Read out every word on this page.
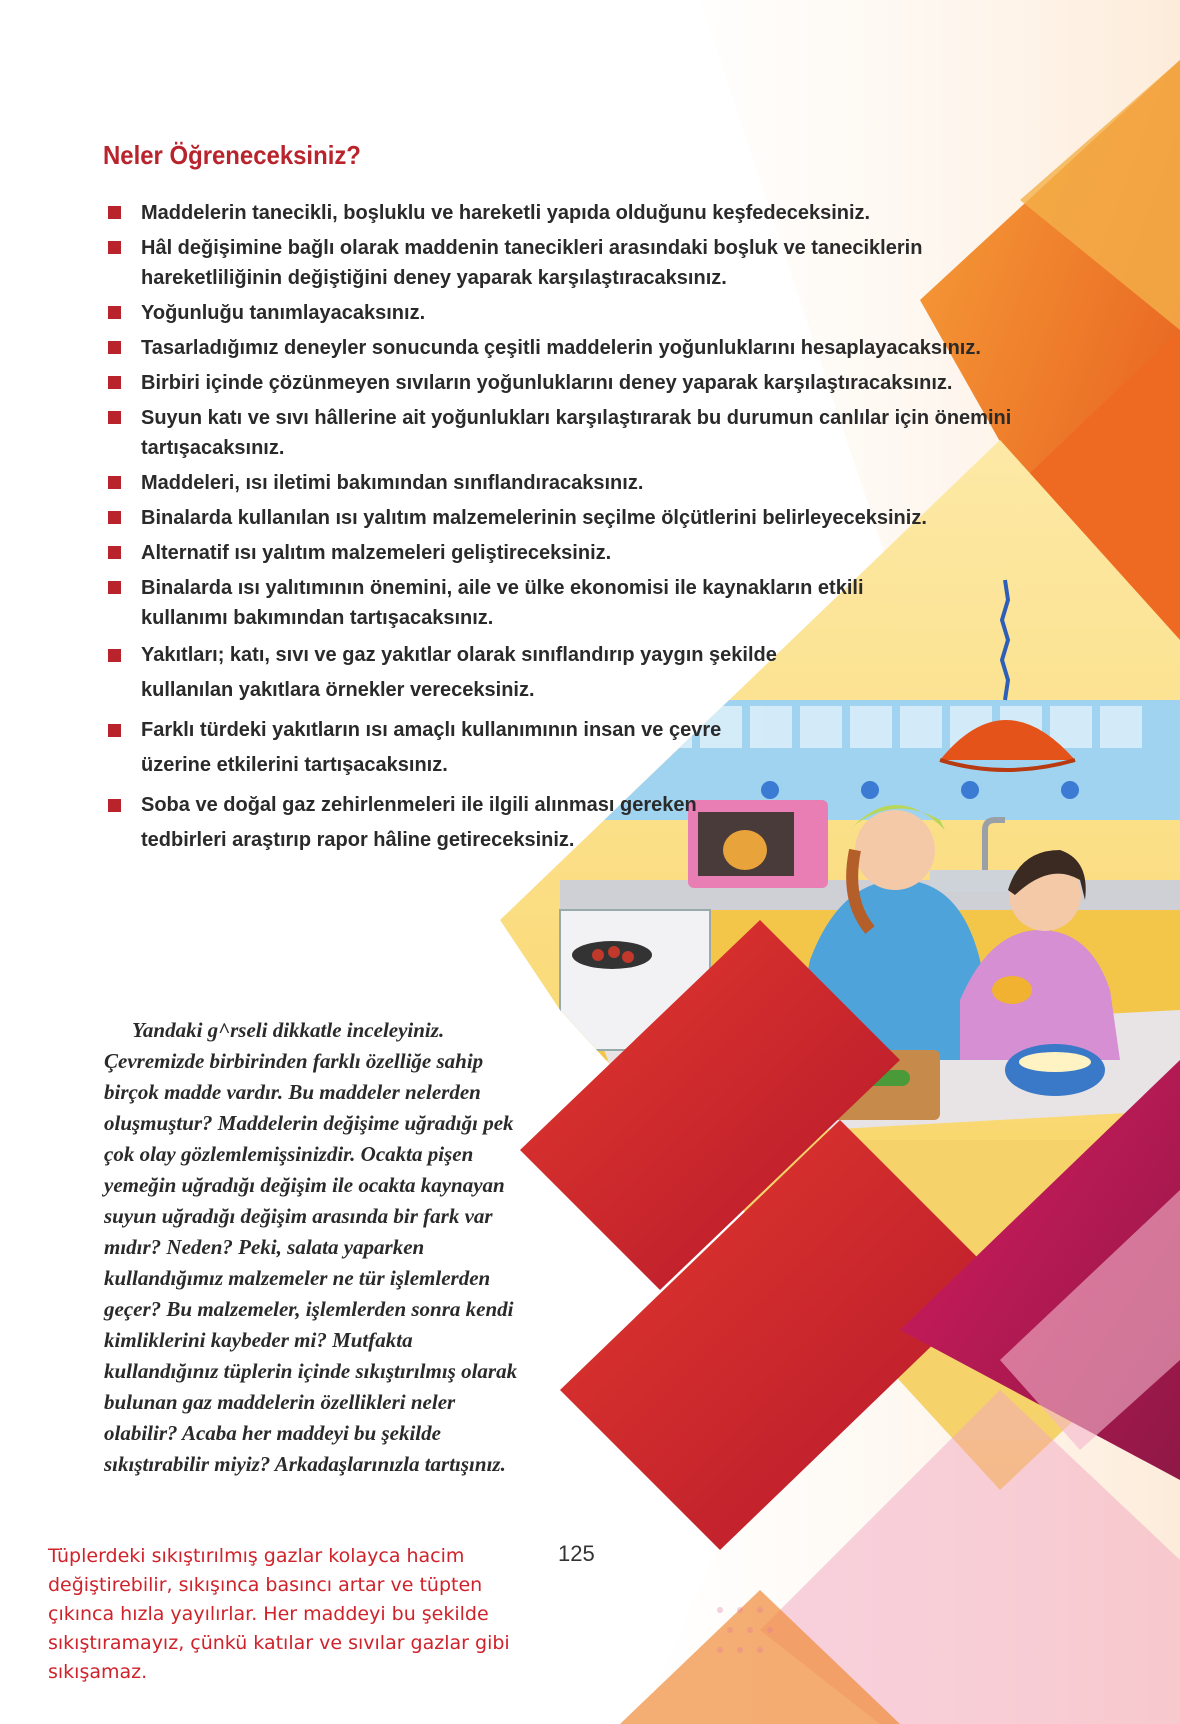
Neler Öğreneceksiniz?
Maddelerin tanecikli, boşluklu ve hareketli yapıda olduğunu keşfedeceksiniz.
Hâl değişimine bağlı olarak maddenin tanecikleri arasındaki boşluk ve taneciklerin hareketliliğinin değiştiğini deney yaparak karşılaştıracaksınız.
Yoğunluğu tanımlayacaksınız.
Tasarladığımız deneyler sonucunda çeşitli maddelerin yoğunluklarını hesaplayacaksınız.
Birbiri içinde çözünmeyen sıvıların yoğunluklarını deney yaparak karşılaştıracaksınız.
Suyun katı ve sıvı hâllerine ait yoğunlukları karşılaştırarak bu durumun canlılar için önemini tartışacaksınız.
Maddeleri, ısı iletimi bakımından sınıflandıracaksınız.
Binalarda kullanılan ısı yalıtım malzemelerinin seçilme ölçütlerini belirleyeceksiniz.
Alternatif ısı yalıtım malzemeleri geliştireceksiniz.
Binalarda ısı yalıtımının önemini, aile ve ülke ekonomisi ile kaynakların etkili kullanımı bakımından tartışacaksınız.
Yakıtları; katı, sıvı ve gaz yakıtlar olarak sınıflandırıp yaygın şekilde kullanılan yakıtlara örnekler vereceksiniz.
Farklı türdeki yakıtların ısı amaçlı kullanımının insan ve çevre üzerine etkilerini tartışacaksınız.
Soba ve doğal gaz zehirlenmeleri ile ilgili alınması gereken tedbirleri araştırıp rapor hâline getireceksiniz.
Yandaki g^rseli dikkatle inceleyiniz. Çevremizde birbirinden farklı özelliğe sahip birçok madde vardır. Bu maddeler nelerden oluşmuştur? Maddelerin değişime uğradığı pek çok olay gözlemlemişsinizdir. Ocakta pişen yemeğin uğradığı değişim ile ocakta kaynayan suyun uğradığı değişim arasında bir fark var mıdır? Neden? Peki, salata yaparken kullandığımız malzemeler ne tür işlemlerden geçer? Bu malzemeler, işlemlerden sonra kendi kimliklerini kaybeder mi? Mutfakta kullandığınız tüplerin içinde sıkıştırılmış olarak bulunan gaz maddelerin özellikleri neler olabilir? Acaba her maddeyi bu şekilde sıkıştırabilir miyiz? Arkadaşlarınızla tartışınız.
125
Tüplerdeki sıkıştırılmış gazlar kolayca hacim değiştirebilir, sıkışınca basıncı artar ve tüpten çıkınca hızla yayılırlar. Her maddeyi bu şekilde sıkıştıramayız, çünkü katılar ve sıvılar gazlar gibi sıkışamaz.
